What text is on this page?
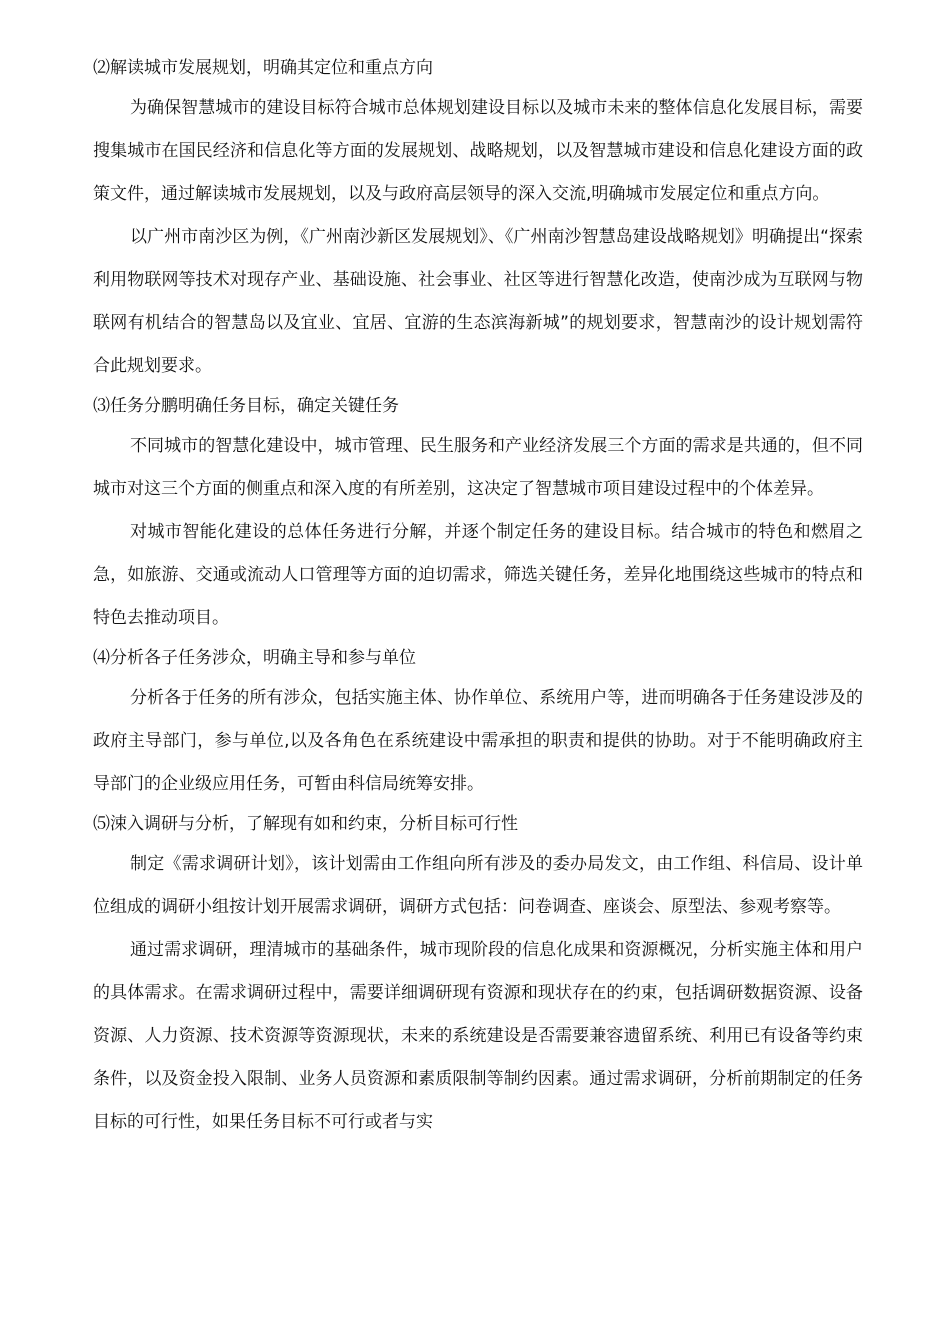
⑵解读城市发展规划，明确其定位和重点方向

为确保智慧城市的建设目标符合城市总体规划建设目标以及城市未来的整体信息化发展目标，需要搜集城市在国民经济和信息化等方面的发展规划、战略规划，以及智慧城市建设和信息化建设方面的政策文件，通过解读城市发展规划，以及与政府高层领导的深入交流,明确城市发展定位和重点方向。

以广州市南沙区为例，《广州南沙新区发展规划》、《广州南沙智慧岛建设战略规划》明确提出“探索利用物联网等技术对现存产业、基础设施、社会事业、社区等进行智慧化改造，使南沙成为互联网与物联网有机结合的智慧岛以及宜业、宜居、宜游的生态滨海新城”的规划要求，智慧南沙的设计规划需符合此规划要求。

⑶任务分鹏明确任务目标，确定关键任务

不同城市的智慧化建设中，城市管理、民生服务和产业经济发展三个方面的需求是共通的，但不同城市对这三个方面的侧重点和深入度的有所差别，这决定了智慧城市项目建设过程中的个体差异。

对城市智能化建设的总体任务进行分解，并逐个制定任务的建设目标。结合城市的特色和燃眉之急，如旅游、交通或流动人口管理等方面的迫切需求，筛选关键任务，差异化地围绕这些城市的特点和特色去推动项目。

⑷分析各子任务涉众，明确主导和参与单位

分析各于任务的所有涉众，包括实施主体、协作单位、系统用户等，进而明确各于任务建设涉及的政府主导部门，参与单位,以及各角色在系统建设中需承担的职责和提供的协助。对于不能明确政府主导部门的企业级应用任务，可暂由科信局统筹安排。

⑸涑入调研与分析，了解现有如和约束，分析目标可行性

制定《需求调研计划》，该计划需由工作组向所有涉及的委办局发文，由工作组、科信局、设计单位组成的调研小组按计划开展需求调研，调研方式包括：问卷调查、座谈会、原型法、参观考察等。

通过需求调研，理清城市的基础条件，城市现阶段的信息化成果和资源概况，分析实施主体和用户的具体需求。在需求调研过程中，需要详细调研现有资源和现状存在的约束，包括调研数据资源、设备资源、人力资源、技术资源等资源现状，未来的系统建设是否需要兼容遗留系统、利用已有设备等约束条件，以及资金投入限制、业务人员资源和素质限制等制约因素。通过需求调研，分析前期制定的任务目标的可行性，如果任务目标不可行或者与实
